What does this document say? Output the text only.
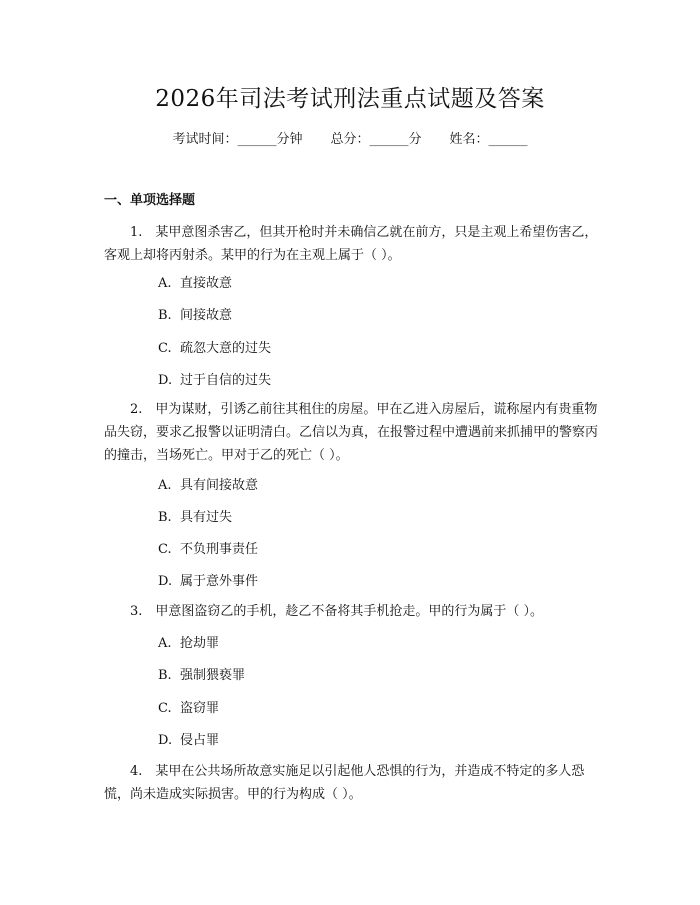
2026年司法考试刑法重点试题及答案
考试时间：______分钟 总分：______分 姓名：______
一、单项选择题
1.　某甲意图杀害乙，但其开枪时并未确信乙就在前方，只是主观上希望伤害乙，客观上却将丙射杀。某甲的行为在主观上属于（ ）。
A. 直接故意
B. 间接故意
C. 疏忽大意的过失
D. 过于自信的过失
2.　甲为谋财，引诱乙前往其租住的房屋。甲在乙进入房屋后，谎称屋内有贵重物品失窃，要求乙报警以证明清白。乙信以为真，在报警过程中遭遇前来抓捕甲的警察丙的撞击，当场死亡。甲对于乙的死亡（ ）。
A. 具有间接故意
B. 具有过失
C. 不负刑事责任
D. 属于意外事件
3.　甲意图盗窃乙的手机，趁乙不备将其手机抢走。甲的行为属于（ ）。
A. 抢劫罪
B. 强制猥亵罪
C. 盗窃罪
D. 侵占罪
4.　某甲在公共场所故意实施足以引起他人恐惧的行为，并造成不特定的多人恐慌，尚未造成实际损害。甲的行为构成（ ）。
